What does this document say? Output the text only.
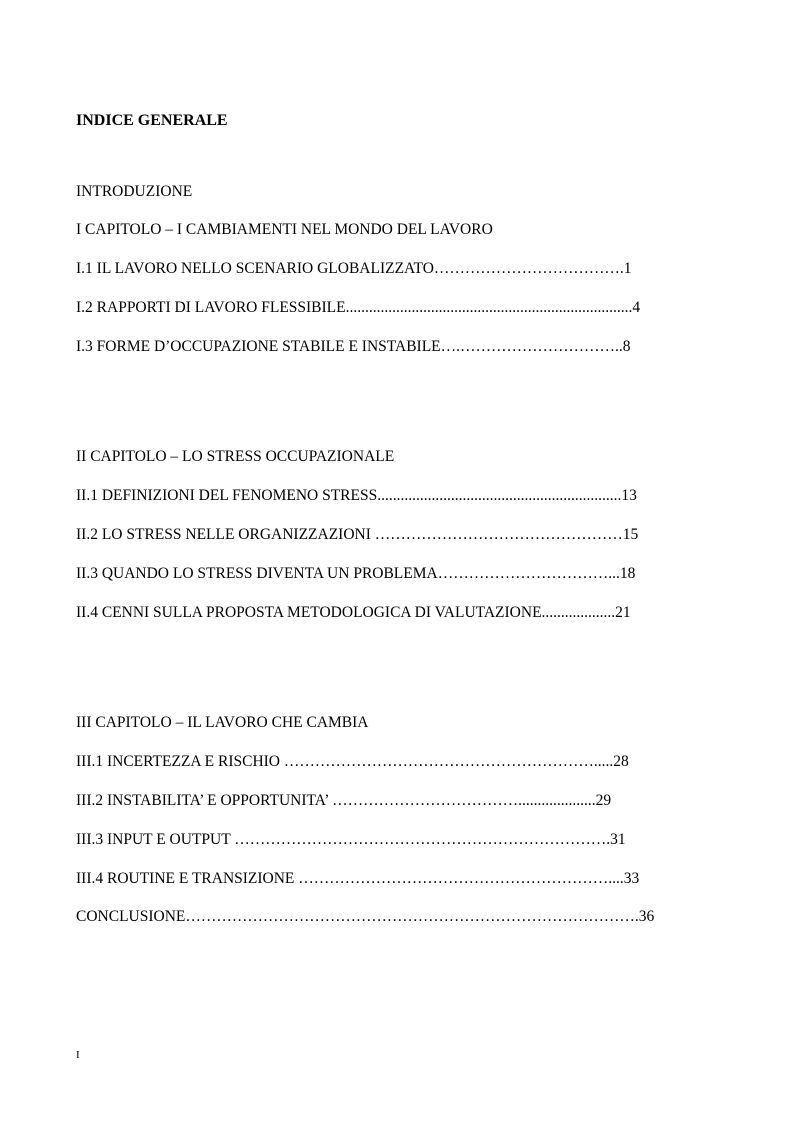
INDICE GENERALE
INTRODUZIONE
I CAPITOLO – I CAMBIAMENTI NEL MONDO DEL LAVORO
I.1 IL LAVORO NELLO SCENARIO GLOBALIZZATO……………………………….1
I.2 RAPPORTI DI LAVORO FLESSIBILE..........................................................................4
I.3 FORME D’OCCUPAZIONE STABILE E INSTABILE….…………………………..8
II CAPITOLO – LO STRESS OCCUPAZIONALE
II.1 DEFINIZIONI DEL FENOMENO STRESS...............................................................13
II.2 LO STRESS NELLE ORGANIZZAZIONI …………………………………………15
II.3 QUANDO LO STRESS DIVENTA UN PROBLEMA……………………………...18
II.4 CENNI SULLA PROPOSTA METODOLOGICA DI VALUTAZIONE...................21
III CAPITOLO – IL LAVORO CHE CAMBIA
III.1 INCERTEZZA E RISCHIO …………………………………………………….....28
III.2 INSTABILITA’ E OPPORTUNITA’ ………………………………....................29
III.3 INPUT E OUTPUT ……………………………………………………………….31
III.4 ROUTINE E TRANSIZIONE ……………………………………………………....33
CONCLUSIONE…………………………………………………………………………….36
I
